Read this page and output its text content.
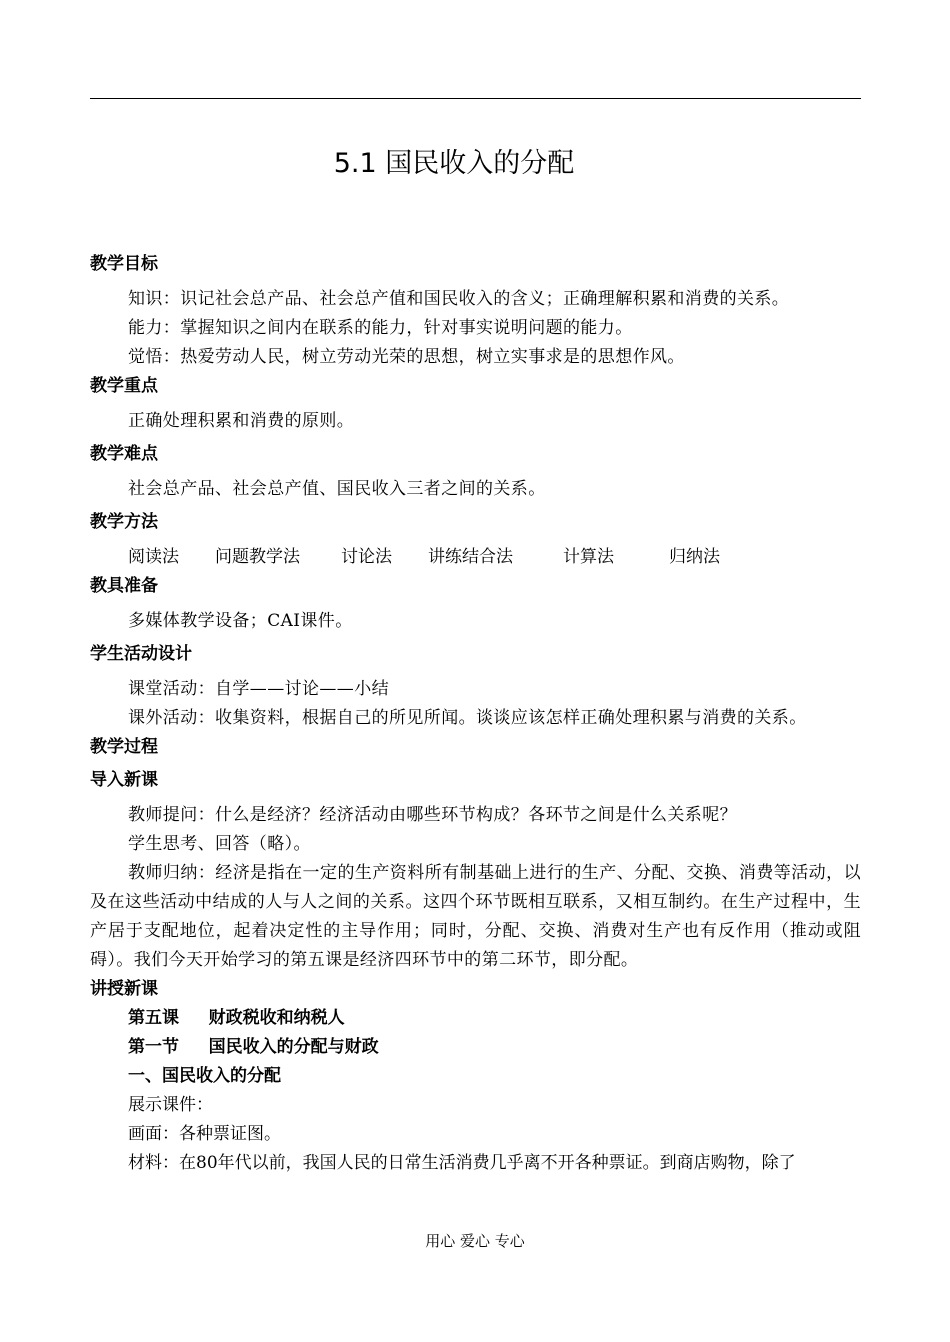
5.1 国民收入的分配
教学目标
知识：识记社会总产品、社会总产值和国民收入的含义；正确理解积累和消费的关系。
能力：掌握知识之间内在联系的能力，针对事实说明问题的能力。
觉悟：热爱劳动人民，树立劳动光荣的思想，树立实事求是的思想作风。
教学重点
正确处理积累和消费的原则。
教学难点
社会总产品、社会总产值、国民收入三者之间的关系。
教学方法
阅读法 问题教学法 讨论法 讲练结合法	计算法	归纳法
教具准备
多媒体教学设备；CAI课件。
学生活动设计
课堂活动：自学——讨论——小结
课外活动：收集资料，根据自己的所见所闻。谈谈应该怎样正确处理积累与消费的关系。
教学过程
导入新课
教师提问：什么是经济？经济活动由哪些环节构成？各环节之间是什么关系呢？
学生思考、回答（略）。
教师归纳：经济是指在一定的生产资料所有制基础上进行的生产、分配、交换、消费等活动，以及在这些活动中结成的人与人之间的关系。这四个环节既相互联系，又相互制约。在生产过程中，生产居于支配地位，起着决定性的主导作用；同时，分配、交换、消费对生产也有反作用（推动或阻碍）。我们今天开始学习的第五课是经济四环节中的第二环节，即分配。
讲授新课
第五课     财政税收和纳税人
第一节     国民收入的分配与财政
一、国民收入的分配
展示课件：
画面：各种票证图。
材料：在80年代以前，我国人民的日常生活消费几乎离不开各种票证。到商店购物，除了
用心 爱心 专心
